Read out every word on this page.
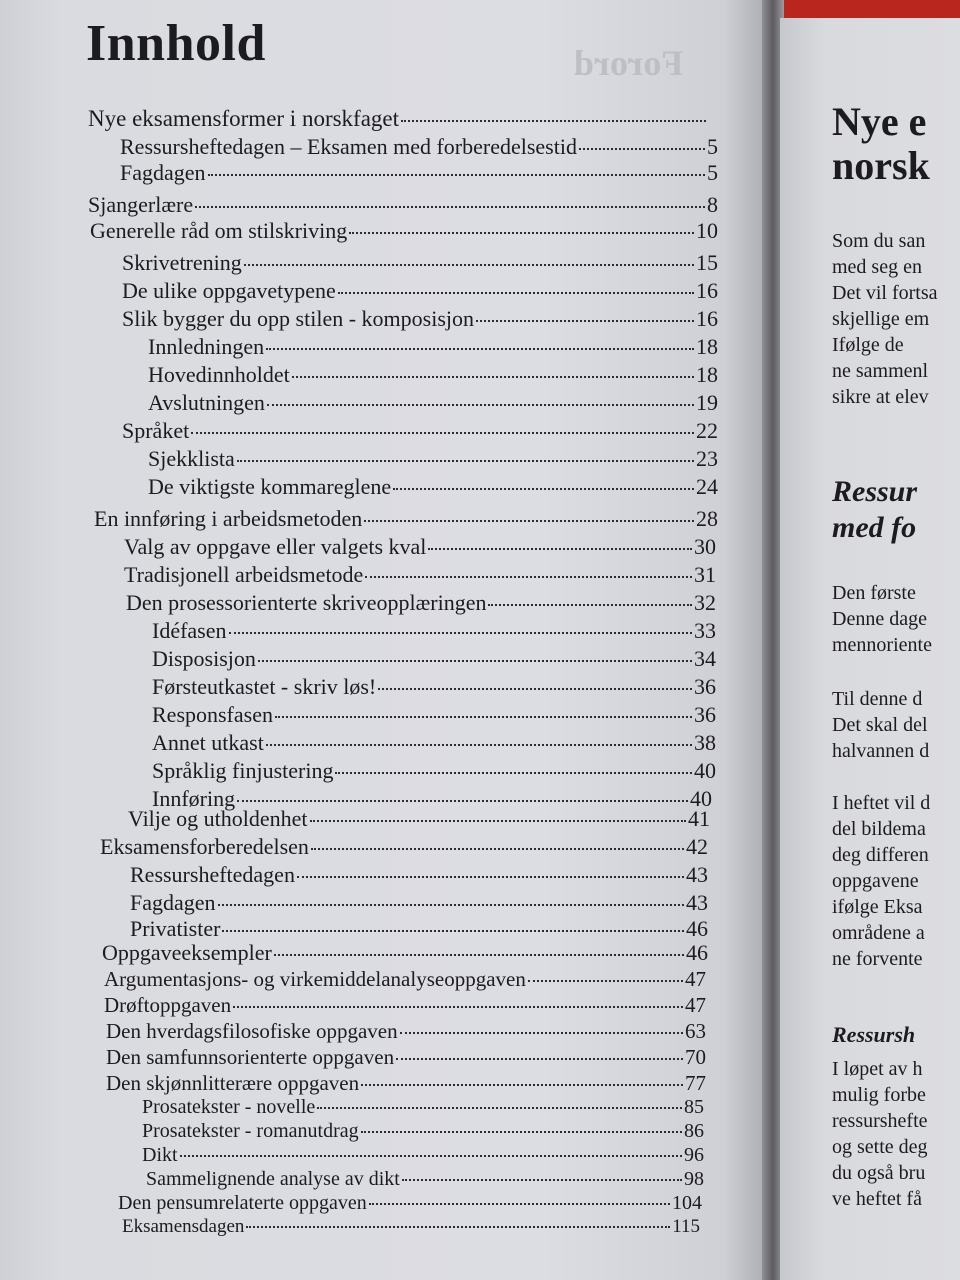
Innhold	Forord
Nye eksamensformer i norskfaget
Ressursheftedagen – Eksamen med forberedelsestid	5
Fagdagen	5
Sjangerlære	8
Generelle råd om stilskriving	10
Skrivetrening	15
De ulike oppgavetypene	16
Slik bygger du opp stilen - komposisjon	16
Innledningen	18
Hovedinnholdet	18
Avslutningen	19
Språket	22
Sjekklista	23
De viktigste kommareglene	24
En innføring i arbeidsmetoden	28
Valg av oppgave eller valgets kval	30
Tradisjonell arbeidsmetode	31
Den prosessorienterte skriveopplæringen	32
Idéfasen	33
Disposisjon	34
Førsteutkastet - skriv løs!	36
Responsfasen	36
Annet utkast	38
Språklig finjustering	40
Innføring	40
Vilje og utholdenhet	41
Eksamensforberedelsen	42
Ressursheftedagen	43
Fagdagen	43
Privatister	46
Oppgaveeksempler	46
Argumentasjons- og virkemiddelanalyseoppgaven	47
Drøftoppgaven	47
Den hverdagsfilosofiske oppgaven	63
Den samfunnsorienterte oppgaven	70
Den skjønnlitterære oppgaven	77
Prosatekster - novelle	85
Prosatekster - romanutdrag	86
Dikt	96
Sammelignende analyse av dikt	98
Den pensumrelaterte oppgaven	104
Eksamensdagen	115
Nye e
norsk
Som du san
med seg en
Det vil fortsa
skjellige em
Ifølge de
ne sammenl
sikre at elev
Ressur
med fo
Den første
Denne dage
mennoriente
Til denne d
Det skal del
halvannen d
I heftet vil d
del bildema
deg differen
oppgavene
ifølge Eksa
områdene a
ne forvente
Ressursh
I løpet av h
mulig forbe
ressurshefte
og sette deg
du også bru
ve heftet få
